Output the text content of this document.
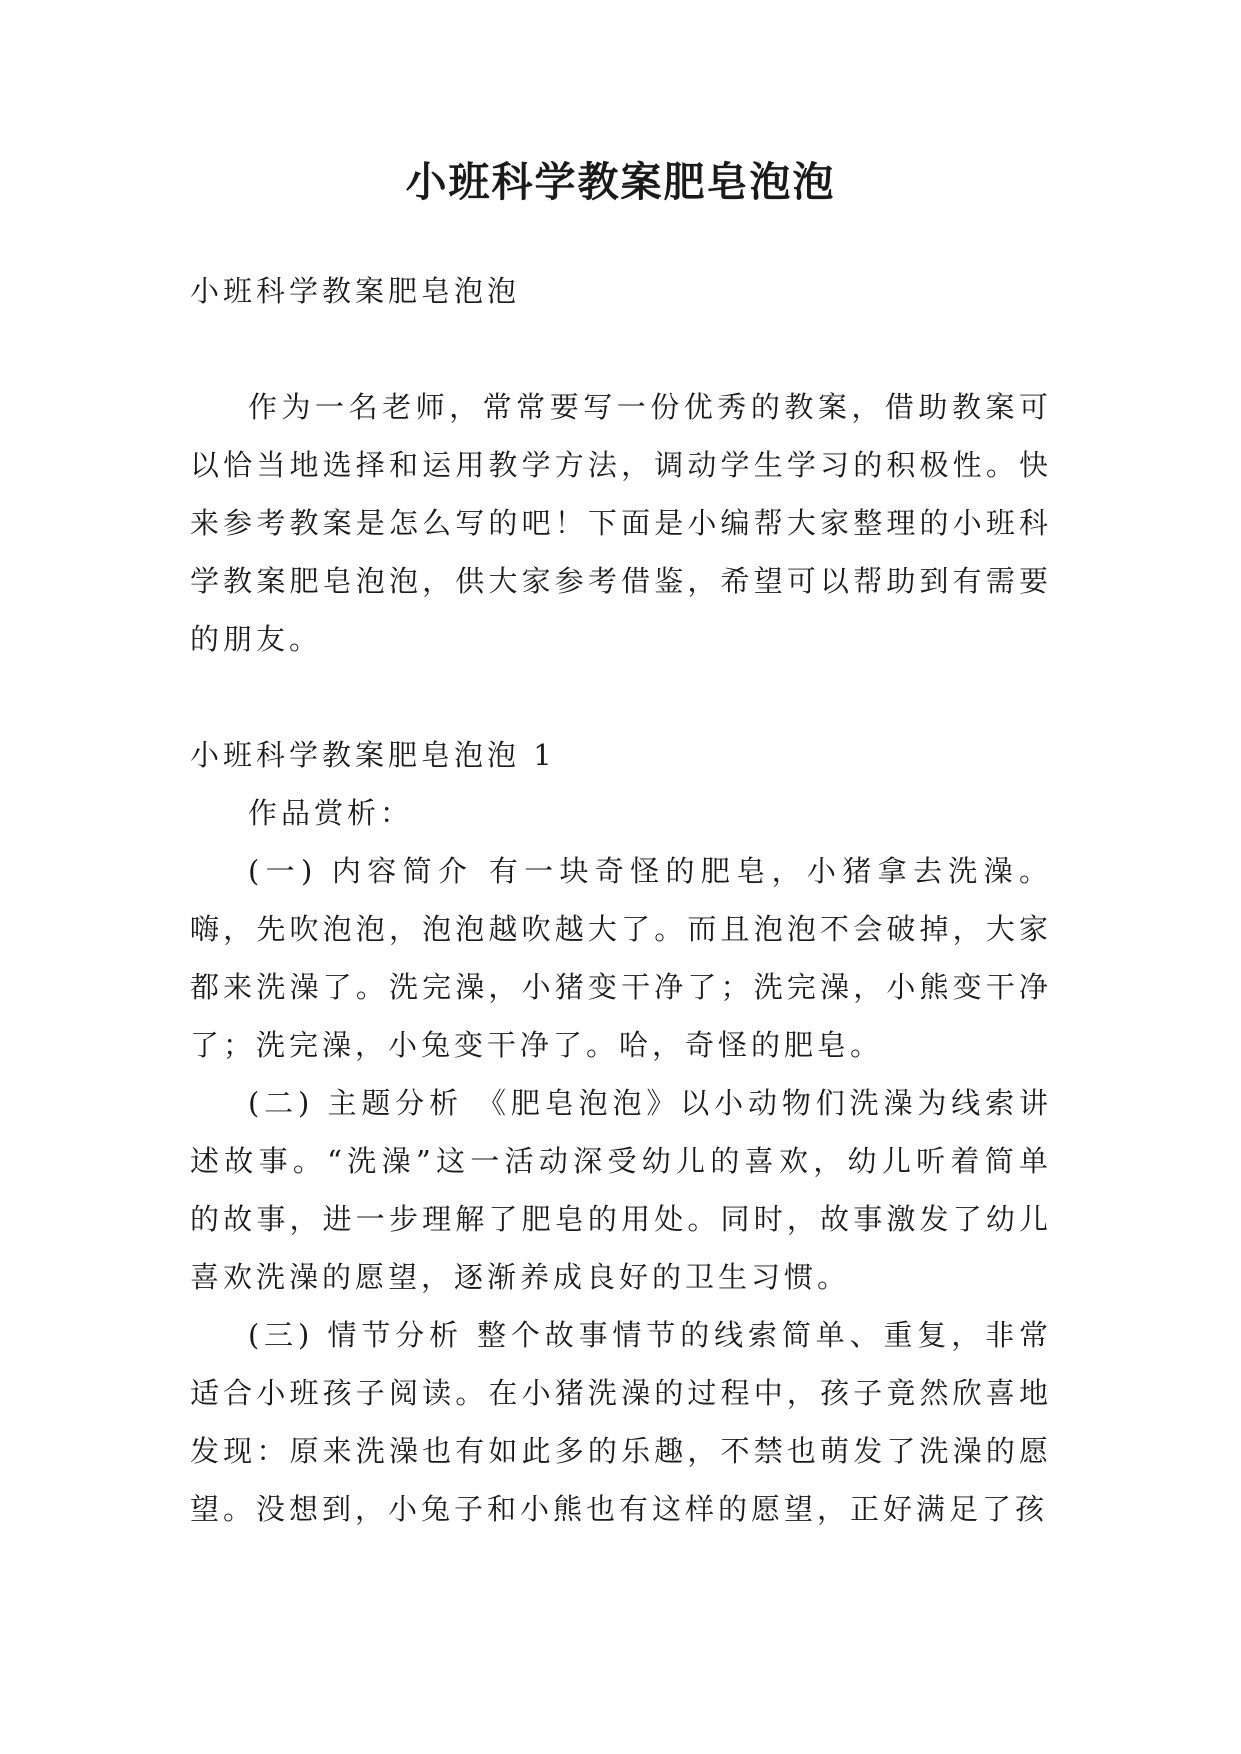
小班科学教案肥皂泡泡

小班科学教案肥皂泡泡

作为一名老师，常常要写一份优秀的教案，借助教案可以恰当地选择和运用教学方法，调动学生学习的积极性。快来参考教案是怎么写的吧！下面是小编帮大家整理的小班科学教案肥皂泡泡，供大家参考借鉴，希望可以帮助到有需要的朋友。

小班科学教案肥皂泡泡 1

作品赏析：

(一) 内容简介 有一块奇怪的肥皂，小猪拿去洗澡。嗨，先吹泡泡，泡泡越吹越大了。而且泡泡不会破掉，大家都来洗澡了。洗完澡，小猪变干净了；洗完澡，小熊变干净了；洗完澡，小兔变干净了。哈，奇怪的肥皂。

(二) 主题分析 《肥皂泡泡》以小动物们洗澡为线索讲述故事。“洗澡”这一活动深受幼儿的喜欢，幼儿听着简单的故事，进一步理解了肥皂的用处。同时，故事激发了幼儿喜欢洗澡的愿望，逐渐养成良好的卫生习惯。

(三) 情节分析 整个故事情节的线索简单、重复，非常适合小班孩子阅读。在小猪洗澡的过程中，孩子竟然欣喜地发现：原来洗澡也有如此多的乐趣，不禁也萌发了洗澡的愿望。没想到，小兔子和小熊也有这样的愿望，正好满足了孩
